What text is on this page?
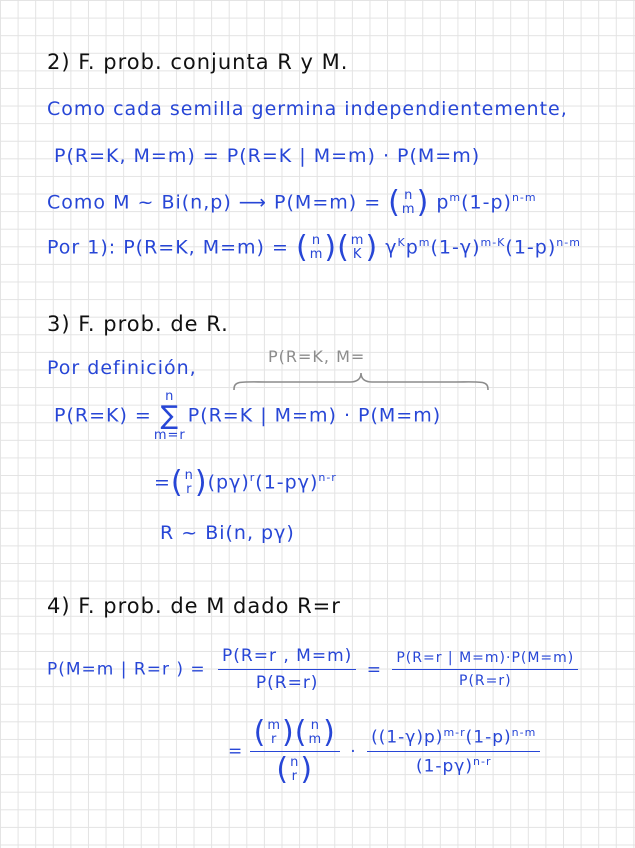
2) F. prob. conjunta R y M.
Como cada semilla germina independientemente,
P(R=K, M=m) = P(R=K | M=m) · P(M=m)
Como M ~ Bi(n,p) ⟶ P(M=m) = ( n
m ) $p^m(1-p)^{n-m}$
Por 1): P(R=K, M=m) = ( n
m ) ( m
K ) $\gamma^Kp^m(1-\gamma)^{m-K}(1-p)^{n-m}$
3) F. prob. de R.
Por definición,
P(R=K, M=
P(R=K) =
n
∑
m=r
P(R=K | M=m) · P(M=m)
= ( n
r ) $(p\gamma)^r(1-p\gamma)^{n-r}$
R ~ Bi(n, pγ)
4) F. prob. de M dado R=r
P(M=m | R=r ) = $\frac{P(R=r , M=m)}{P(R=r)} = \frac{P(R=r | M=m)\cdot P(M=m)}{P(R=r)}$
= ( m
r ) ( n
m )
( n
r ) · $\frac{((1-\gamma)p)^{m-r}(1-p)^{n-m}}{(1-p\gamma)^{n-r}}$
